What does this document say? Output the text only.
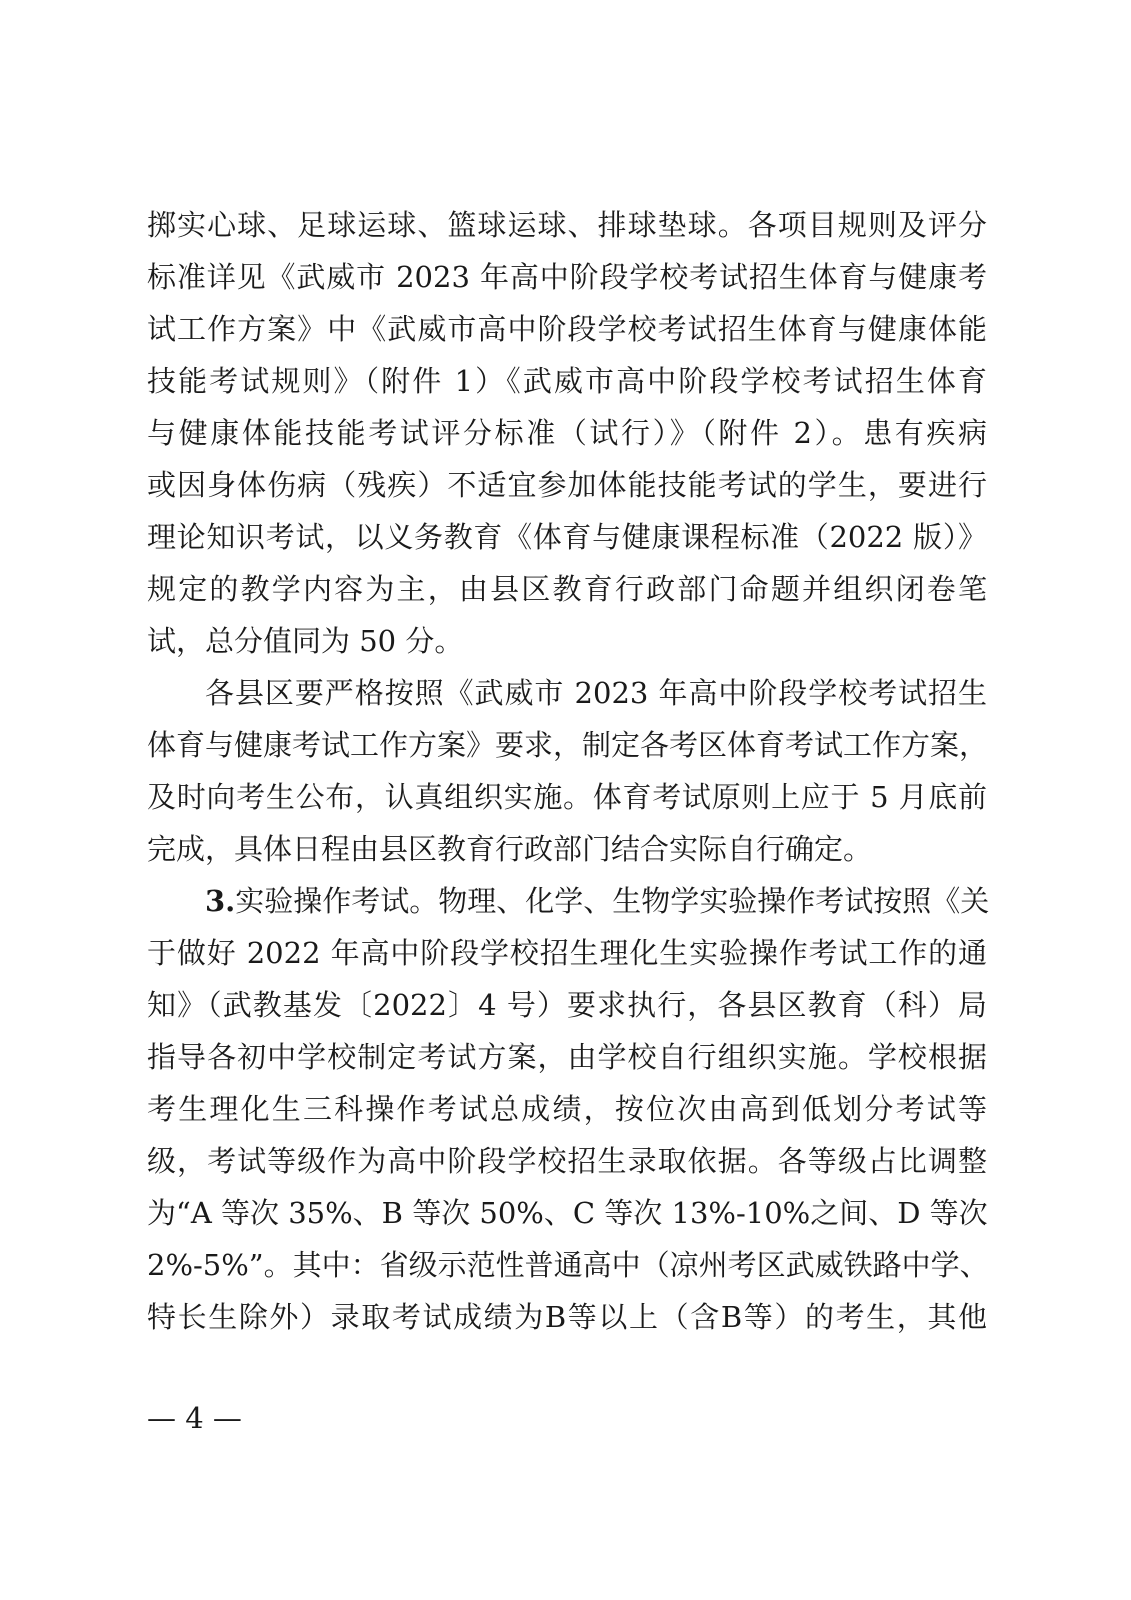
掷实心球、足球运球、篮球运球、排球垫球。各项目规则及评分
标准详见《武威市 2023 年高中阶段学校考试招生体育与健康考
试工作方案》中《武威市高中阶段学校考试招生体育与健康体能
技能考试规则》（附件 1）《武威市高中阶段学校考试招生体育
与健康体能技能考试评分标准（试行）》（附件 2）。患有疾病
或因身体伤病（残疾）不适宜参加体能技能考试的学生，要进行
理论知识考试，以义务教育《体育与健康课程标准（2022 版）》
规定的教学内容为主，由县区教育行政部门命题并组织闭卷笔
试，总分值同为 50 分。
各县区要严格按照《武威市 2023 年高中阶段学校考试招生
体育与健康考试工作方案》要求，制定各考区体育考试工作方案，
及时向考生公布，认真组织实施。体育考试原则上应于 5 月底前
完成，具体日程由县区教育行政部门结合实际自行确定。
3.实验操作考试。物理、化学、生物学实验操作考试按照《关
于做好 2022 年高中阶段学校招生理化生实验操作考试工作的通
知》（武教基发〔2022〕4 号）要求执行，各县区教育（科）局
指导各初中学校制定考试方案，由学校自行组织实施。学校根据
考生理化生三科操作考试总成绩，按位次由高到低划分考试等
级，考试等级作为高中阶段学校招生录取依据。各等级占比调整
为“A 等次 35%、B 等次 50%、C 等次 13%-10%之间、D 等次
2%-5%”。其中：省级示范性普通高中（凉州考区武威铁路中学、
特长生除外）录取考试成绩为B等以上（含B等）的考生，其他
— 4 —
